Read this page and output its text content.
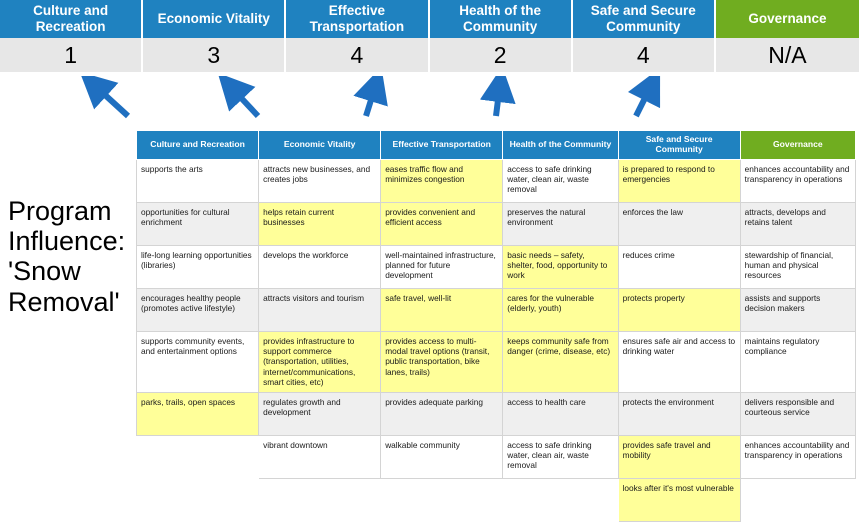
Culture and Recreation
1
Economic Vitality
3
Effective Transportation
4
Health of the Community
2
Safe and Secure Community
4
Governance
N/A
Program
Influence:
'Snow
Removal'
Culture and Recreation	Economic Vitality	Effective Transportation	Health of the Community	Safe and Secure Community	Governance
supports the arts	attracts new businesses, and creates jobs	eases traffic flow and minimizes congestion	access to safe drinking water, clean air, waste removal	is prepared to respond to emergencies	enhances accountability and transparency in operations
opportunities for cultural enrichment	helps retain current businesses	provides convenient and efficient access	preserves the natural environment	enforces the law	attracts, develops and retains talent
life-long learning opportunities (libraries)	develops the workforce	well-maintained infrastructure, planned for future development	basic needs – safety, shelter, food, opportunity to work	reduces crime	stewardship of financial, human and physical resources
encourages healthy people (promotes active lifestyle)	attracts visitors and tourism	safe travel, well-lit	cares for the vulnerable (elderly, youth)	protects property	assists and supports decision makers
supports community events, and entertainment options	provides infrastructure to support commerce (transportation, utilities, internet/communications, smart cities, etc)	provides access to multi-modal travel options (transit, public transportation, bike lanes, trails)	keeps community safe from danger (crime, disease, etc)	ensures safe air and access to drinking water	maintains regulatory compliance
parks, trails, open spaces	regulates growth and development	provides adequate parking	access to health care	protects the environment	delivers responsible and courteous service
	vibrant downtown	walkable community	access to safe drinking water, clean air, waste removal	provides safe travel and mobility	enhances accountability and transparency in operations
				looks after it's most vulnerable	
